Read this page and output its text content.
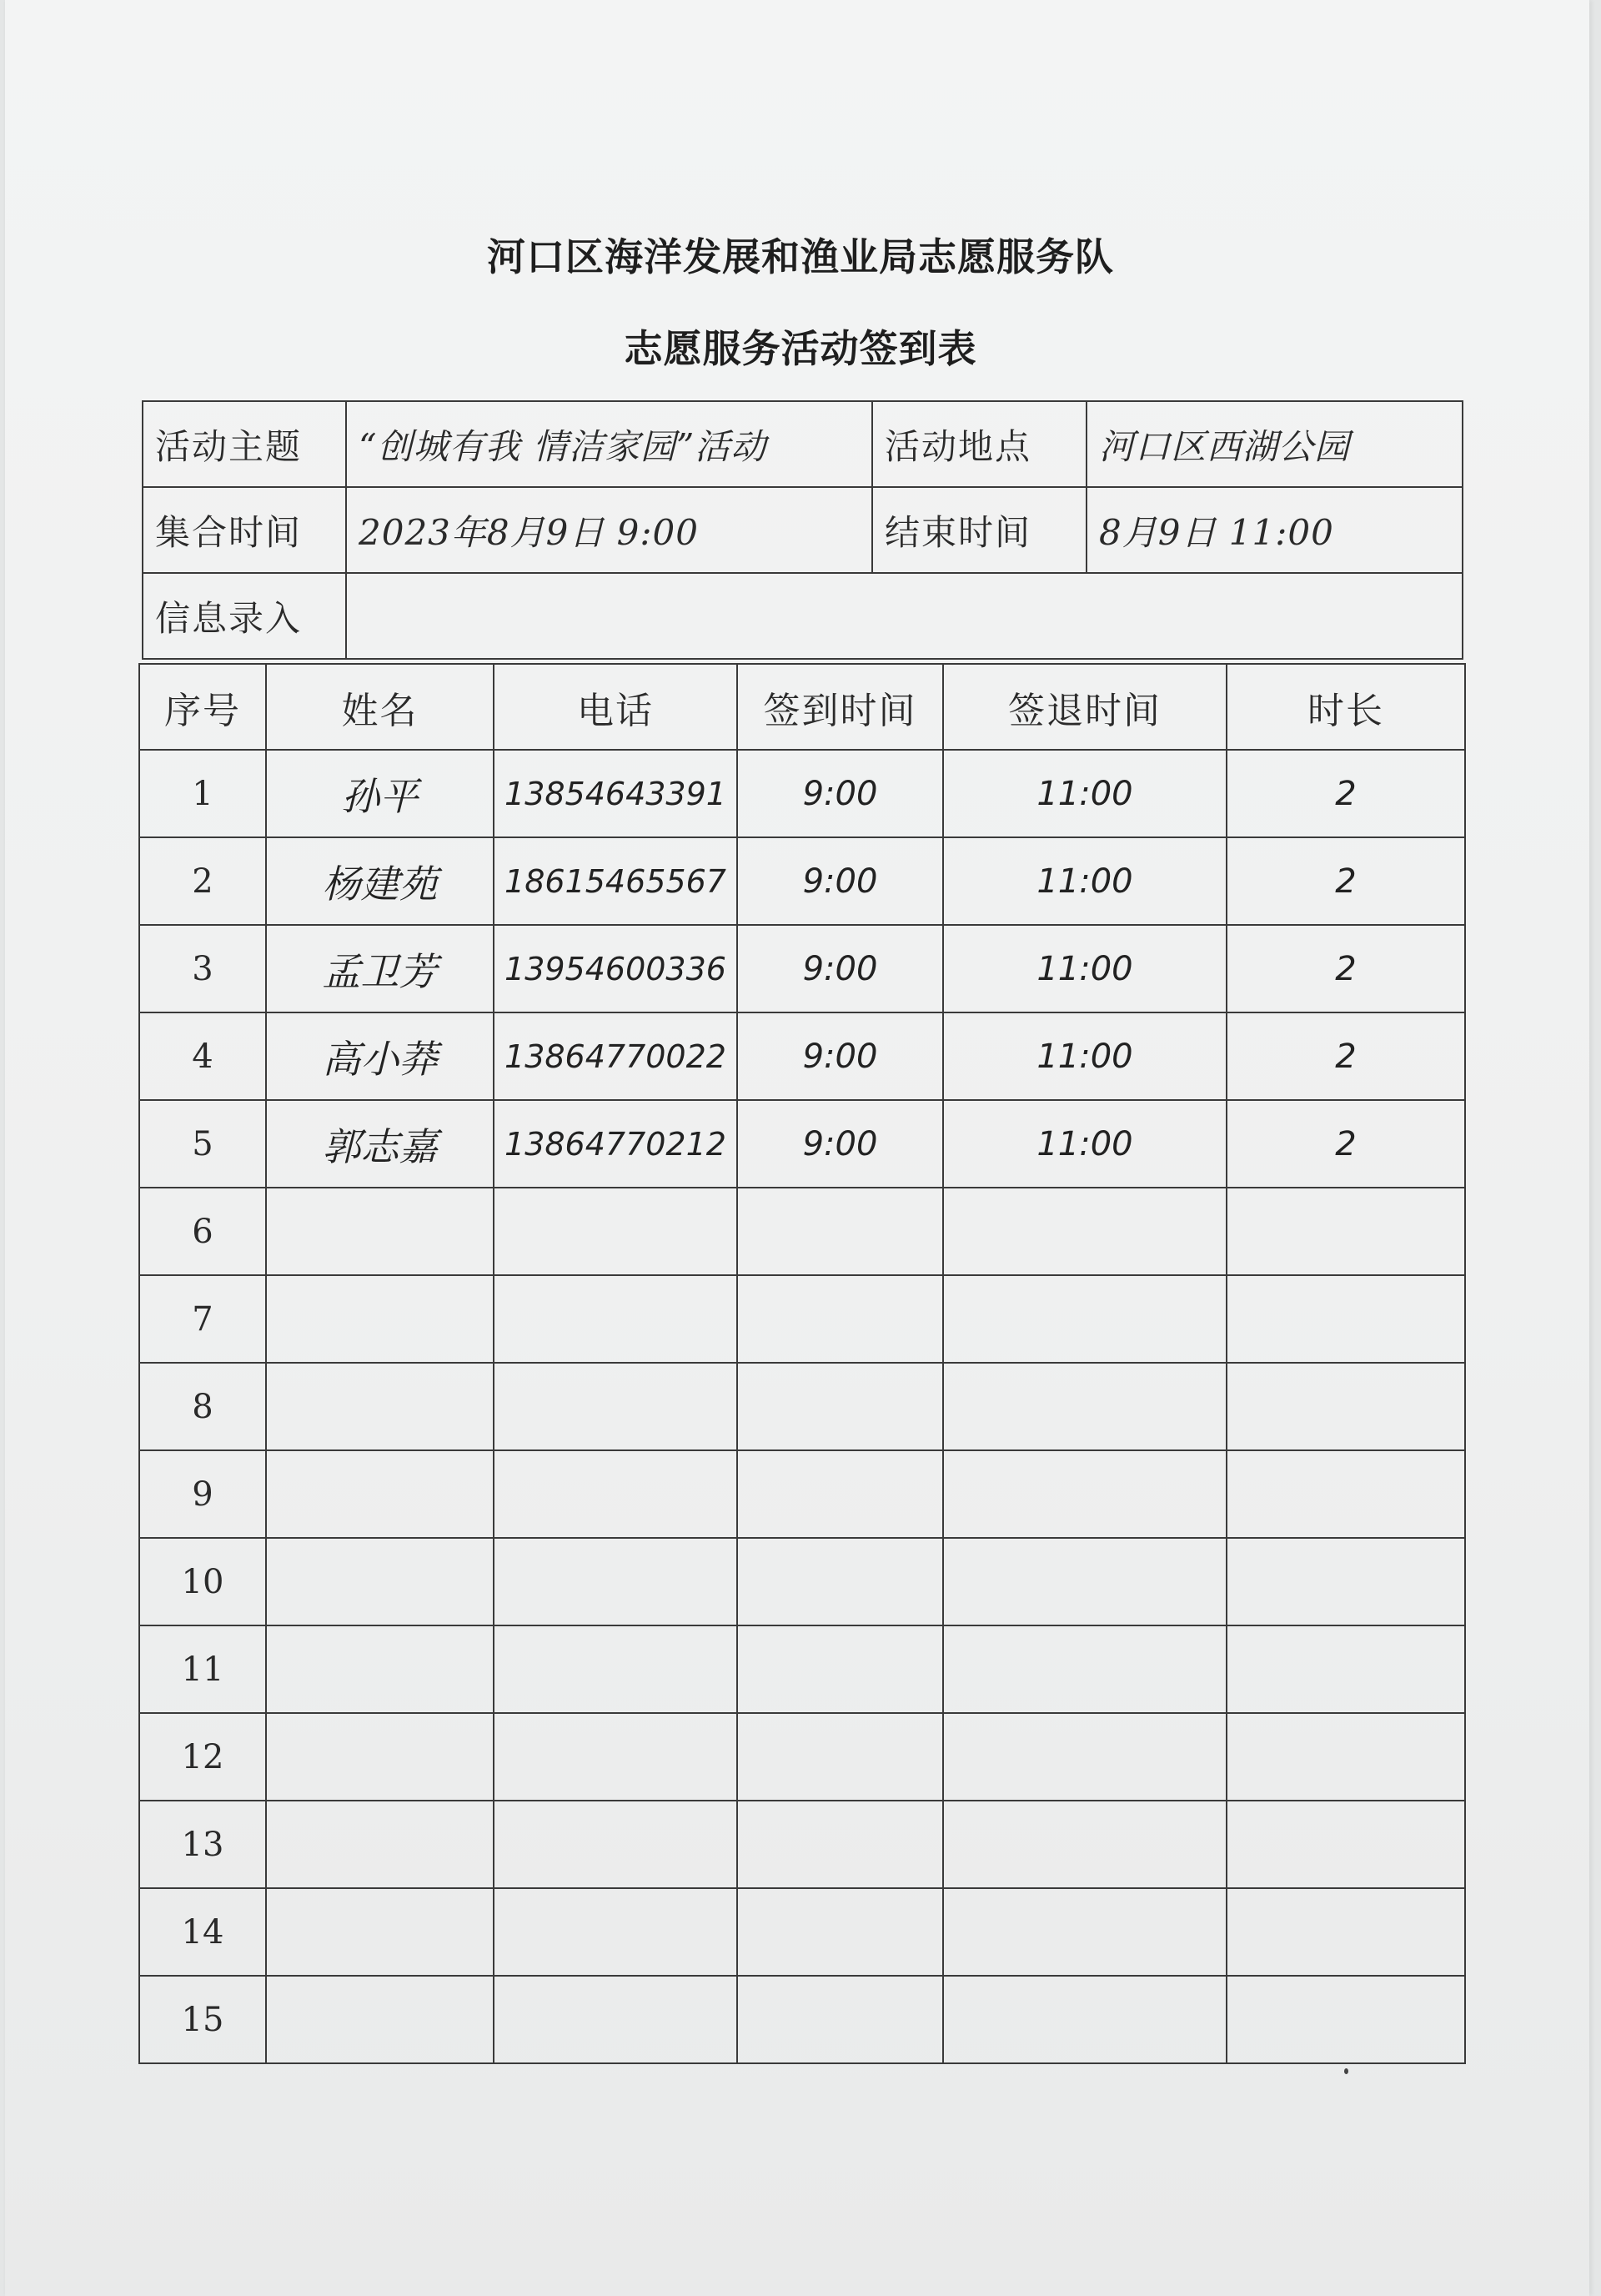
河口区海洋发展和渔业局志愿服务队
志愿服务活动签到表
活动主题	“创城有我 情洁家园”活动	活动地点	河口区西湖公园
集合时间	2023年8月9日 9:00	结束时间	8月9日 11:00
信息录入			
序号	姓名	电话	签到时间	签退时间	时长
1	孙平	13854643391	9:00	11:00	2
2	杨建苑	18615465567	9:00	11:00	2
3	孟卫芳	13954600336	9:00	11:00	2
4	高小莽	13864770022	9:00	11:00	2
5	郭志嘉	13864770212	9:00	11:00	2
6					
7					
8					
9					
10					
11					
12					
13					
14					
15					
